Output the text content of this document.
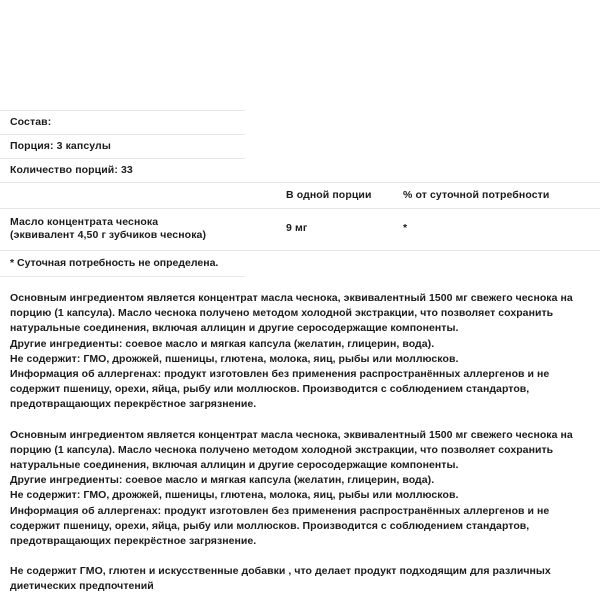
Состав:
Порция: 3 капсулы
Количество порций: 33
В одной порции	% от суточной потребности
Масло концентрата чеснока
(эквивалент 4,50 г зубчиков чеснока)
9 мг	*
* Суточная потребность не определена.

Основным ингредиентом является концентрат масла чеснока, эквивалентный 1500 мг свежего чеснока на порцию (1 капсула). Масло чеснока получено методом холодной экстракции, что позволяет сохранить натуральные соединения, включая аллицин и другие серосодержащие компоненты.

Другие ингредиенты: соевое масло и мягкая капсула (желатин, глицерин, вода).

Не содержит: ГМО, дрожжей, пшеницы, глютена, молока, яиц, рыбы или моллюсков.

Информация об аллергенах: продукт изготовлен без применения распространённых аллергенов и не содержит пшеницу, орехи, яйца, рыбу или моллюсков. Производится с соблюдением стандартов, предотвращающих перекрёстное загрязнение.

Основным ингредиентом является концентрат масла чеснока, эквивалентный 1500 мг свежего чеснока на порцию (1 капсула). Масло чеснока получено методом холодной экстракции, что позволяет сохранить натуральные соединения, включая аллицин и другие серосодержащие компоненты.

Другие ингредиенты: соевое масло и мягкая капсула (желатин, глицерин, вода).

Не содержит: ГМО, дрожжей, пшеницы, глютена, молока, яиц, рыбы или моллюсков.

Информация об аллергенах: продукт изготовлен без применения распространённых аллергенов и не содержит пшеницу, орехи, яйца, рыбу или моллюсков. Производится с соблюдением стандартов, предотвращающих перекрёстное загрязнение.

Не содержит ГМО, глютен и искусственные добавки , что делает продукт подходящим для различных диетических предпочтений
